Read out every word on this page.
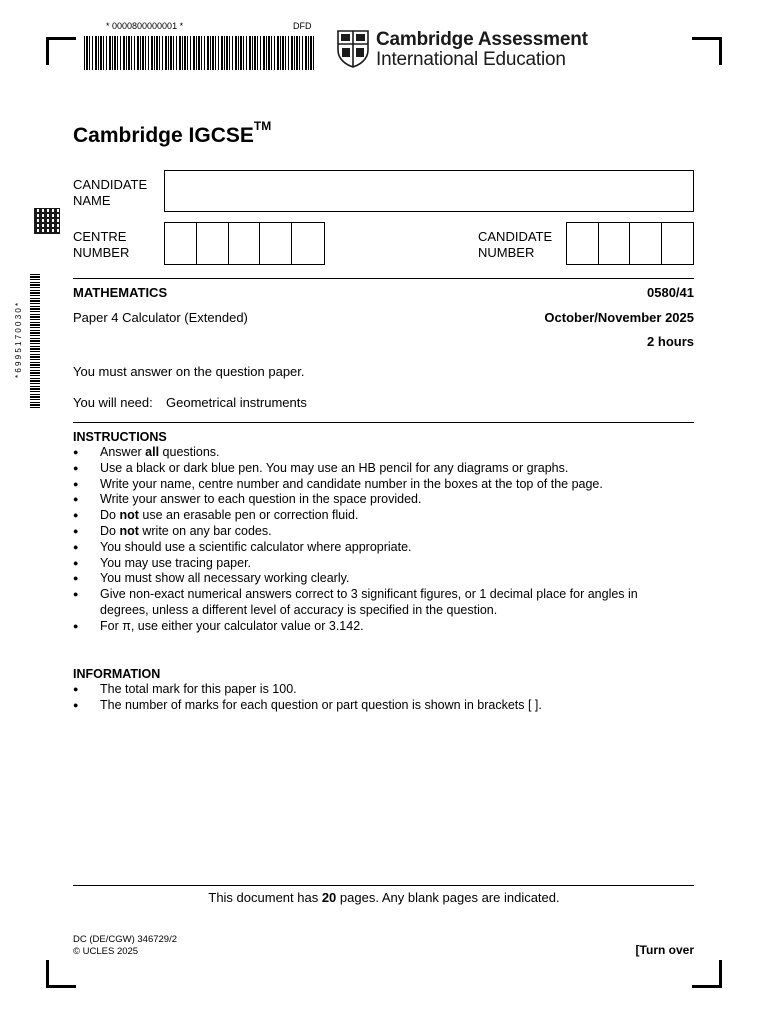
* 0000800000001 *	DFD
Cambridge Assessment
International Education
* 6 9 9 5 1 7 0 0 3 0 *
Cambridge IGCSE™
CANDIDATE
NAME
CENTRE
NUMBER
CANDIDATE
NUMBER
MATHEMATICS	0580/41
Paper 4 Calculator (Extended)	October/November 2025
2 hours
You must answer on the question paper.
You will need: Geometrical instruments
INSTRUCTIONS
● Answer all questions.
● Use a black or dark blue pen. You may use an HB pencil for any diagrams or graphs.
● Write your name, centre number and candidate number in the boxes at the top of the page.
● Write your answer to each question in the space provided.
● Do not use an erasable pen or correction fluid.
● Do not write on any bar codes.
● You should use a scientific calculator where appropriate.
● You may use tracing paper.
● You must show all necessary working clearly.
● Give non-exact numerical answers correct to 3 significant figures, or 1 decimal place for angles in degrees, unless a different level of accuracy is specified in the question.
● For π, use either your calculator value or 3.142.
INFORMATION
● The total mark for this paper is 100.
● The number of marks for each question or part question is shown in brackets [ ].
This document has 20 pages. Any blank pages are indicated.
DC (DE/CGW) 346729/2
© UCLES 2025	[Turn over
